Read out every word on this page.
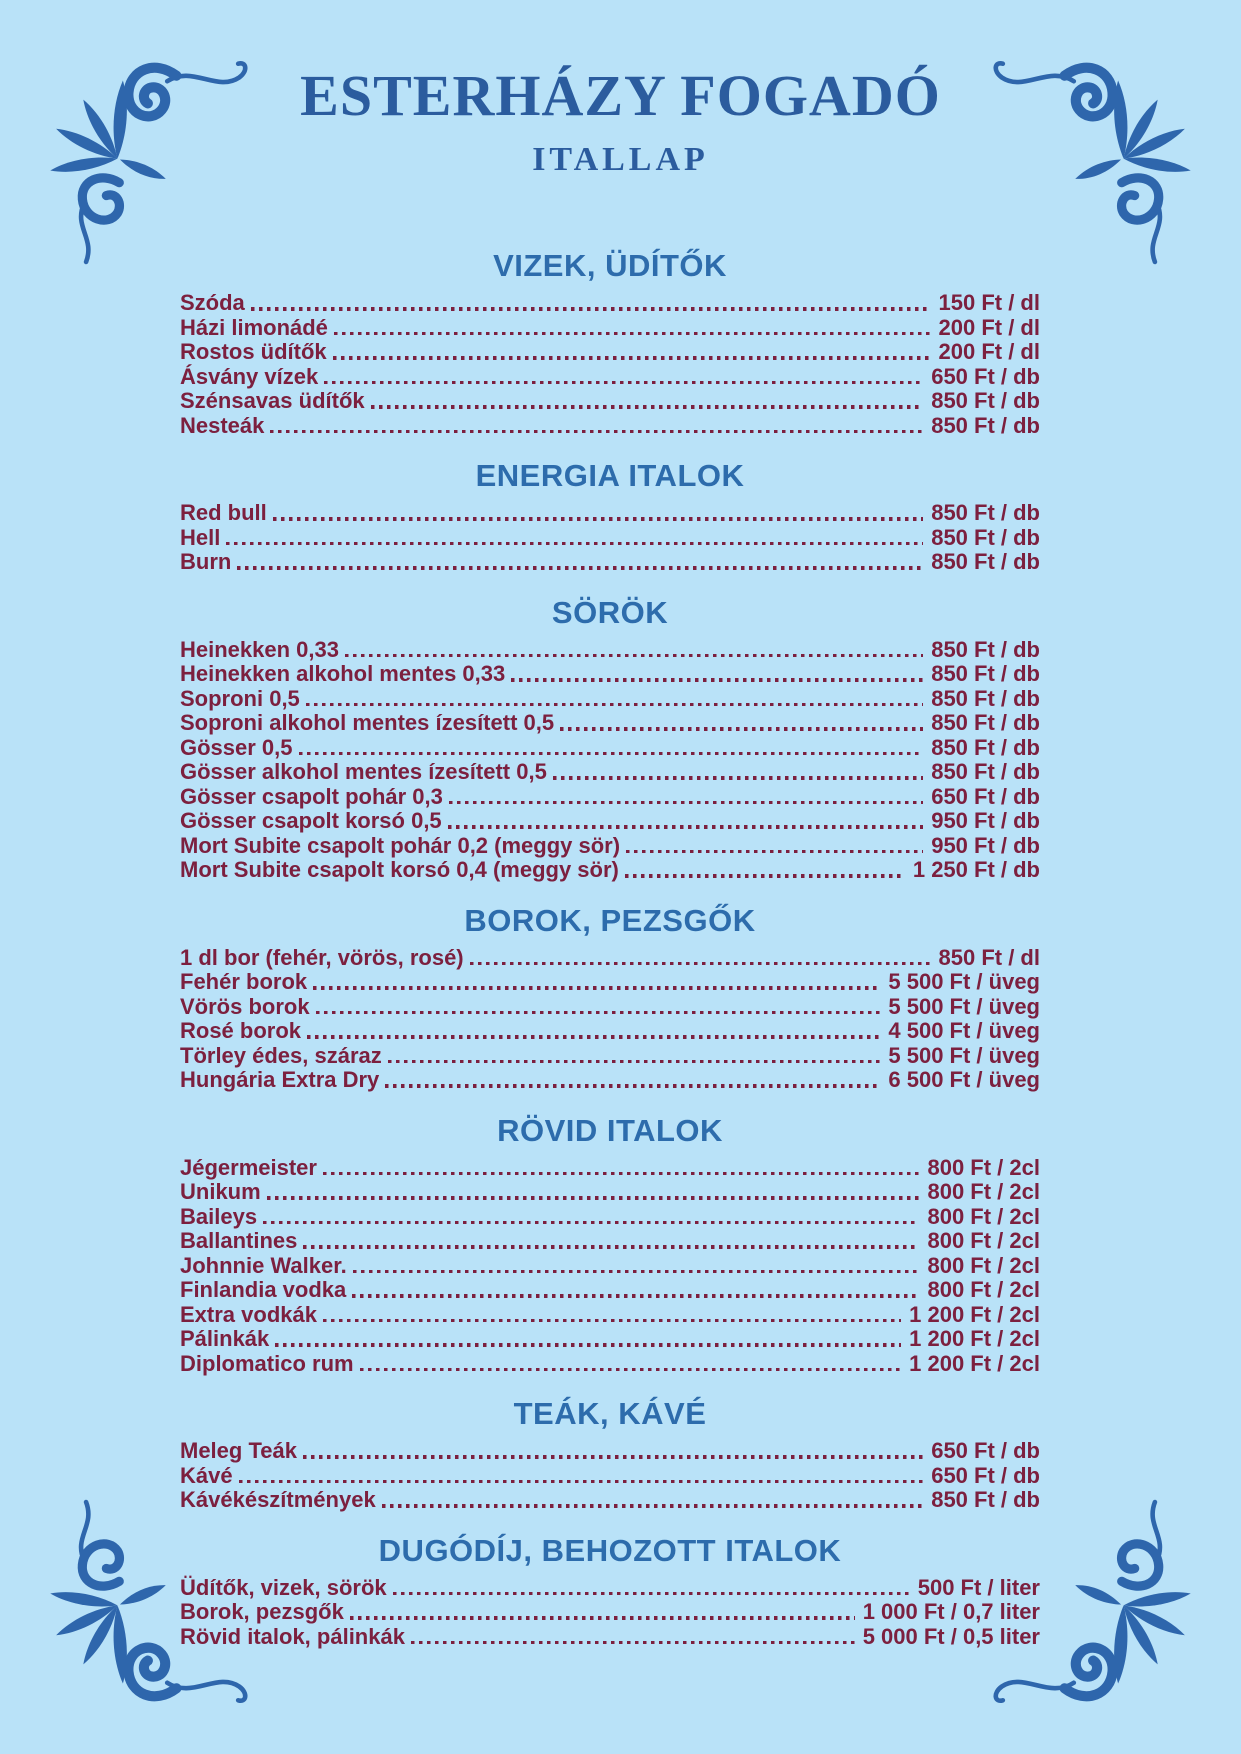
ESTERHÁZY FOGADÓ
ITALLAP
VIZEK, ÜDÍTŐK
Szóda	150 Ft / dl
Házi limonádé	200 Ft / dl
Rostos üdítők	200 Ft / dl
Ásvány vízek	650 Ft / db
Szénsavas üdítők	850 Ft / db
Nesteák	850 Ft / db
ENERGIA ITALOK
Red bull	850 Ft / db
Hell	850 Ft / db
Burn	850 Ft / db
SÖRÖK
Heinekken 0,33	850 Ft / db
Heinekken alkohol mentes 0,33	850 Ft / db
Soproni 0,5	850 Ft / db
Soproni alkohol mentes ízesített 0,5	850 Ft / db
Gösser 0,5	850 Ft / db
Gösser alkohol mentes ízesített 0,5	850 Ft / db
Gösser csapolt pohár 0,3	650 Ft / db
Gösser csapolt korsó 0,5	950 Ft / db
Mort Subite csapolt pohár 0,2 (meggy sör)	950 Ft / db
Mort Subite csapolt korsó 0,4 (meggy sör)	1 250 Ft / db
BOROK, PEZSGŐK
1 dl bor (fehér, vörös, rosé)	850 Ft / dl
Fehér borok	5 500 Ft / üveg
Vörös borok	5 500 Ft / üveg
Rosé borok	4 500 Ft / üveg
Törley édes, száraz	5 500 Ft / üveg
Hungária Extra Dry	6 500 Ft / üveg
RÖVID ITALOK
Jégermeister	800 Ft / 2cl
Unikum	800 Ft / 2cl
Baileys	800 Ft / 2cl
Ballantines	800 Ft / 2cl
Johnnie Walker.	800 Ft / 2cl
Finlandia vodka	800 Ft / 2cl
Extra vodkák	1 200 Ft / 2cl
Pálinkák	1 200 Ft / 2cl
Diplomatico rum	1 200 Ft / 2cl
TEÁK, KÁVÉ
Meleg Teák	650 Ft / db
Kávé	650 Ft / db
Kávékészítmények	850 Ft / db
DUGÓDÍJ, BEHOZOTT ITALOK
Üdítők, vizek, sörök	500 Ft / liter
Borok, pezsgők	1 000 Ft / 0,7 liter
Rövid italok, pálinkák	5 000 Ft / 0,5 liter
